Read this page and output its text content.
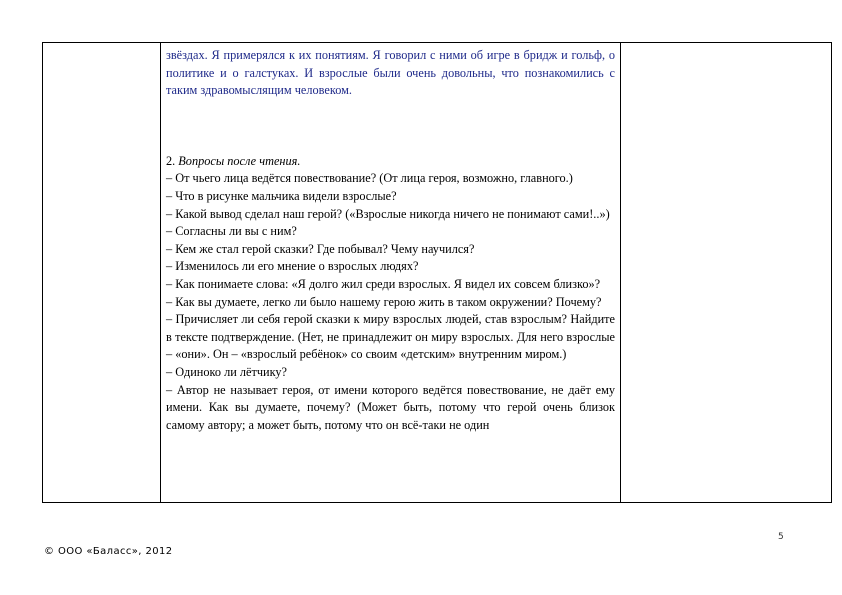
звёздах. Я примерялся к их понятиям. Я говорил с ними об игре в бридж и гольф, о политике и о галстуках. И взрослые были очень довольны, что познакомились с таким здравомыслящим человеком.

2. Вопросы после чтения.

– От чьего лица ведётся повествование? (От лица героя, возможно, главного.)

– Что в рисунке мальчика видели взрослые?

– Какой вывод сделал наш герой? («Взрослые никогда ничего не понимают сами!..»)

– Согласны ли вы с ним?

– Кем же стал герой сказки? Где побывал? Чему научился?

– Изменилось ли его мнение о взрослых людях?

– Как понимаете слова: «Я долго жил среди взрослых. Я видел их совсем близко»?

– Как вы думаете, легко ли было нашему герою жить в таком окружении? Почему?

– Причисляет ли себя герой сказки к миру взрослых людей, став взрослым? Найдите в тексте подтверждение. (Нет, не принадлежит он миру взрослых. Для него взрослые – «они». Он – «взрослый ребёнок» со своим «детским» внутренним миром.)

– Одиноко ли лётчику?

– Автор не называет героя, от имени которого ведётся повествование, не даёт ему имени. Как вы думаете, почему? (Может быть, потому что герой очень близок самому автору; а может быть, потому что он всё-таки не один

5
© ООО «Баласс», 2012
